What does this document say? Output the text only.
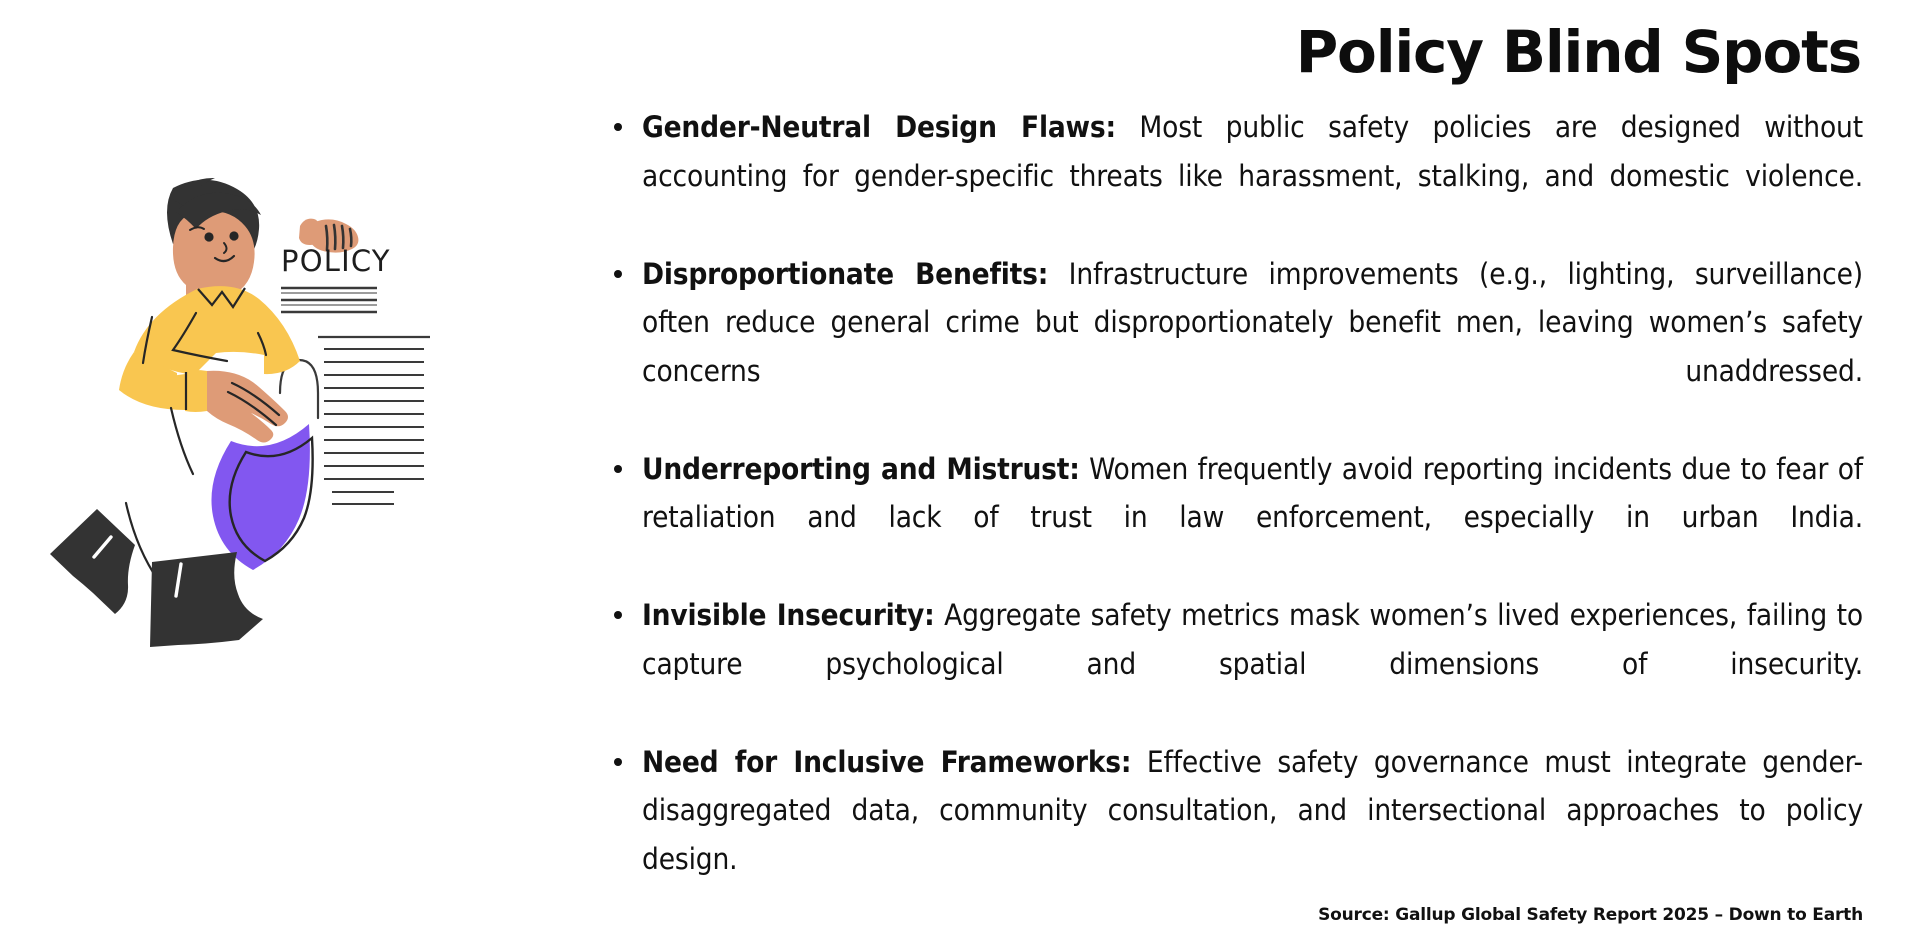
POLICY
Policy Blind Spots
Gender-Neutral Design Flaws: Most public safety policies are designed without accounting for gender-specific threats like harassment, stalking, and domestic violence.
Disproportionate Benefits: Infrastructure improvements (e.g., lighting, surveillance) often reduce general crime but disproportionately benefit men, leaving women’s safety concerns unaddressed.
Underreporting and Mistrust: Women frequently avoid reporting incidents due to fear of retaliation and lack of trust in law enforcement, especially in urban India.
Invisible Insecurity: Aggregate safety metrics mask women’s lived experiences, failing to capture psychological and spatial dimensions of insecurity.
Need for Inclusive Frameworks: Effective safety governance must integrate gender-disaggregated data, community consultation, and intersectional approaches to policy design.
Source: Gallup Global Safety Report 2025 – Down to Earth
